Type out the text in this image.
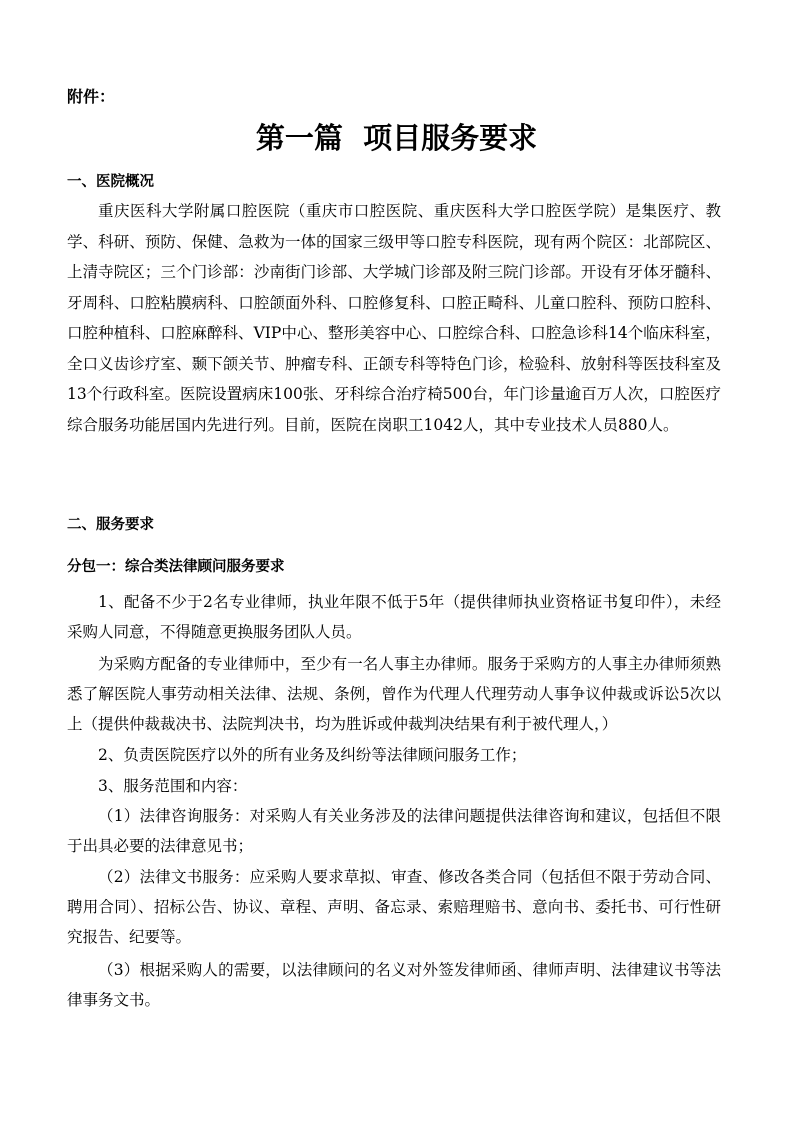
附件：
第一篇  项目服务要求
一、医院概况

重庆医科大学附属口腔医院（重庆市口腔医院、重庆医科大学口腔医学院）是集医疗、教学、科研、预防、保健、急救为一体的国家三级甲等口腔专科医院，现有两个院区：北部院区、上清寺院区；三个门诊部：沙南街门诊部、大学城门诊部及附三院门诊部。开设有牙体牙髓科、牙周科、口腔粘膜病科、口腔颌面外科、口腔修复科、口腔正畸科、儿童口腔科、预防口腔科、口腔种植科、口腔麻醉科、VIP中心、整形美容中心、口腔综合科、口腔急诊科14个临床科室，全口义齿诊疗室、颞下颌关节、肿瘤专科、正颌专科等特色门诊，检验科、放射科等医技科室及13个行政科室。医院设置病床100张、牙科综合治疗椅500台，年门诊量逾百万人次，口腔医疗综合服务功能居国内先进行列。目前，医院在岗职工1042人，其中专业技术人员880人。

二、服务要求
分包一：综合类法律顾问服务要求

1、配备不少于2名专业律师，执业年限不低于5年（提供律师执业资格证书复印件），未经采购人同意，不得随意更换服务团队人员。

为采购方配备的专业律师中，至少有一名人事主办律师。服务于采购方的人事主办律师须熟悉了解医院人事劳动相关法律、法规、条例，曾作为代理人代理劳动人事争议仲裁或诉讼5次以上（提供仲裁裁决书、法院判决书，均为胜诉或仲裁判决结果有利于被代理人，）

2、负责医院医疗以外的所有业务及纠纷等法律顾问服务工作；

3、服务范围和内容：

（1）法律咨询服务：对采购人有关业务涉及的法律问题提供法律咨询和建议，包括但不限于出具必要的法律意见书；

（2）法律文书服务：应采购人要求草拟、审查、修改各类合同（包括但不限于劳动合同、聘用合同）、招标公告、协议、章程、声明、备忘录、索赔理赔书、意向书、委托书、可行性研究报告、纪要等。

（3）根据采购人的需要，以法律顾问的名义对外签发律师函、律师声明、法律建议书等法律事务文书。
